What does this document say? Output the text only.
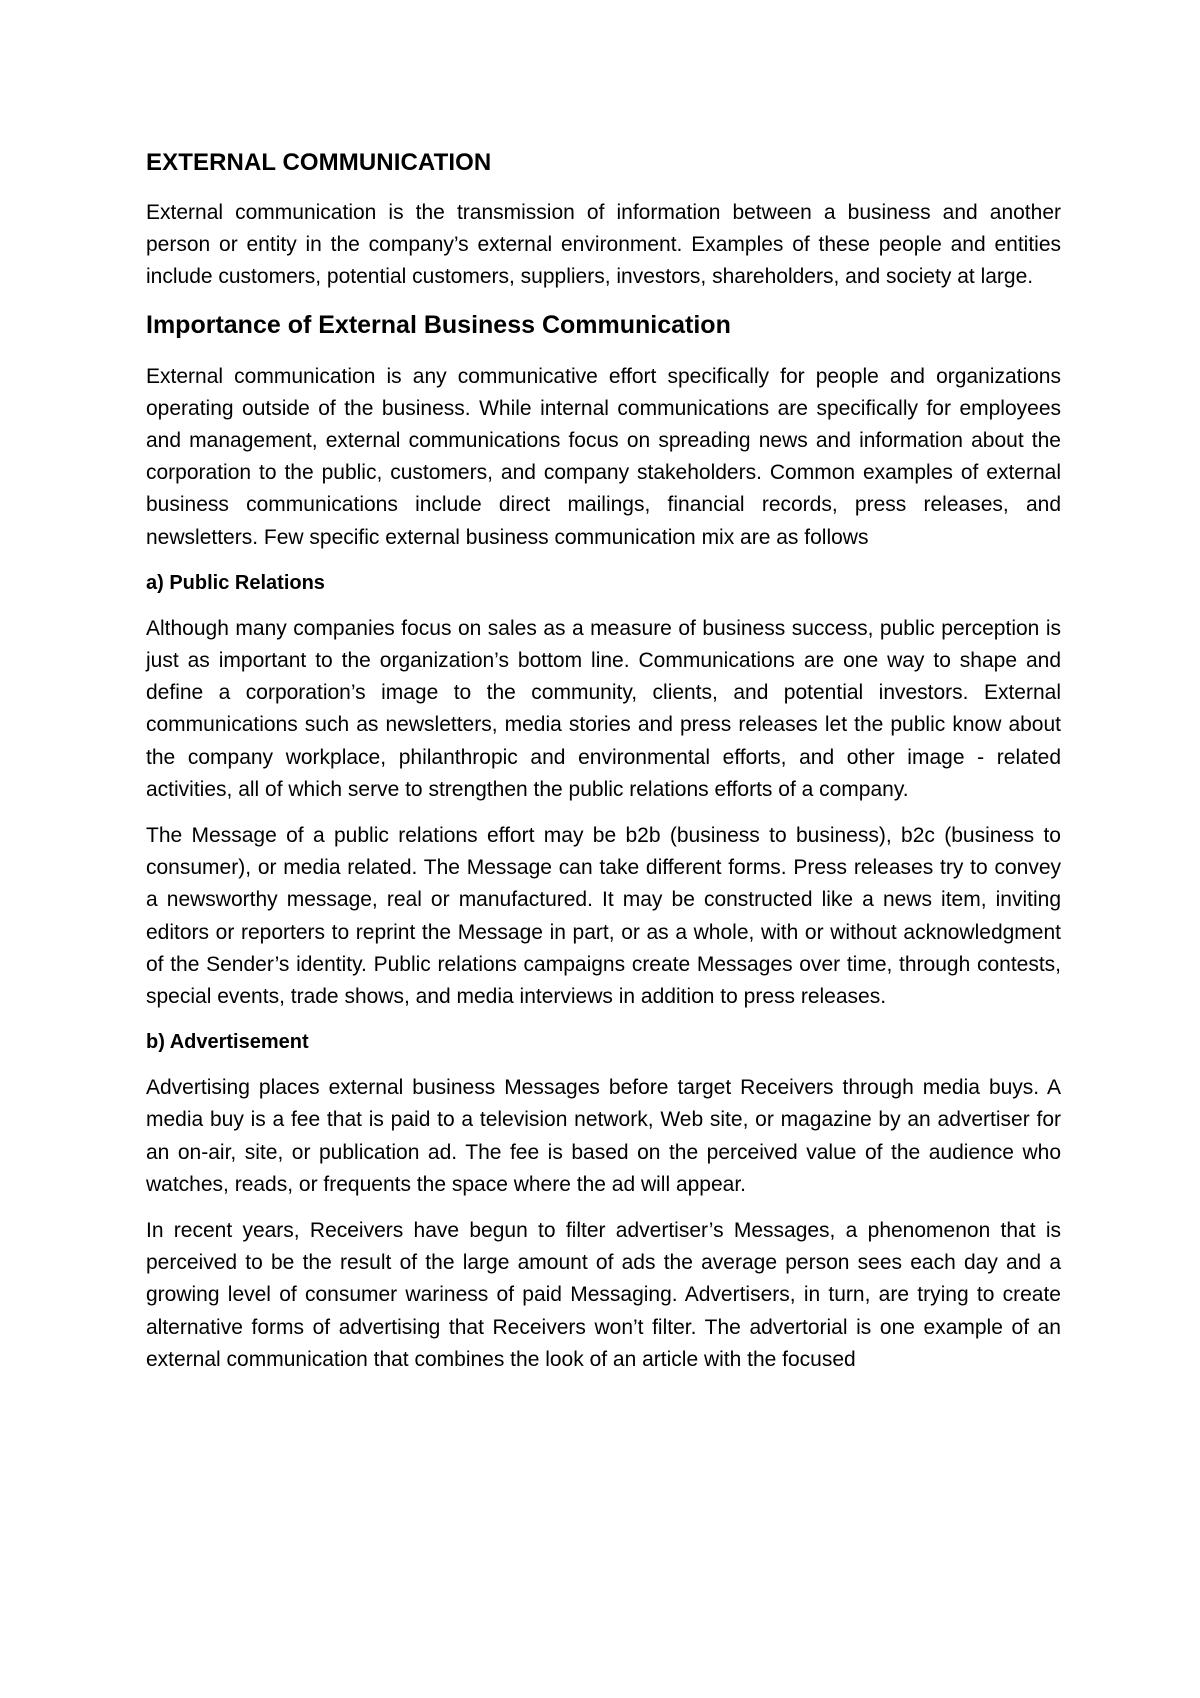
EXTERNAL COMMUNICATION

External communication is the transmission of information between a business and another person or entity in the company’s external environment. Examples of these people and entities include customers, potential customers, suppliers, investors, shareholders, and society at large.

Importance of External Business Communication

External communication is any communicative effort specifically for people and organizations operating outside of the business. While internal communications are specifically for employees and management, external communications focus on spreading news and information about the corporation to the public, customers, and company stakeholders. Common examples of external business communications include direct mailings, financial records, press releases, and newsletters. Few specific external business communication mix are as follows

a) Public Relations

Although many companies focus on sales as a measure of business success, public perception is just as important to the organization’s bottom line. Communications are one way to shape and define a corporation’s image to the community, clients, and potential investors. External communications such as newsletters, media stories and press releases let the public know about the company workplace, philanthropic and environmental efforts, and other image - related activities, all of which serve to strengthen the public relations efforts of a company.

The Message of a public relations effort may be b2b (business to business), b2c (business to consumer), or media related. The Message can take different forms. Press releases try to convey a newsworthy message, real or manufactured. It may be constructed like a news item, inviting editors or reporters to reprint the Message in part, or as a whole, with or without acknowledgment of the Sender’s identity. Public relations campaigns create Messages over time, through contests, special events, trade shows, and media interviews in addition to press releases.

b) Advertisement

Advertising places external business Messages before target Receivers through media buys. A media buy is a fee that is paid to a television network, Web site, or magazine by an advertiser for an on-air, site, or publication ad. The fee is based on the perceived value of the audience who watches, reads, or frequents the space where the ad will appear.

In recent years, Receivers have begun to filter advertiser’s Messages, a phenomenon that is perceived to be the result of the large amount of ads the average person sees each day and a growing level of consumer wariness of paid Messaging. Advertisers, in turn, are trying to create alternative forms of advertising that Receivers won’t filter. The advertorial is one example of an external communication that combines the look of an article with the focused
